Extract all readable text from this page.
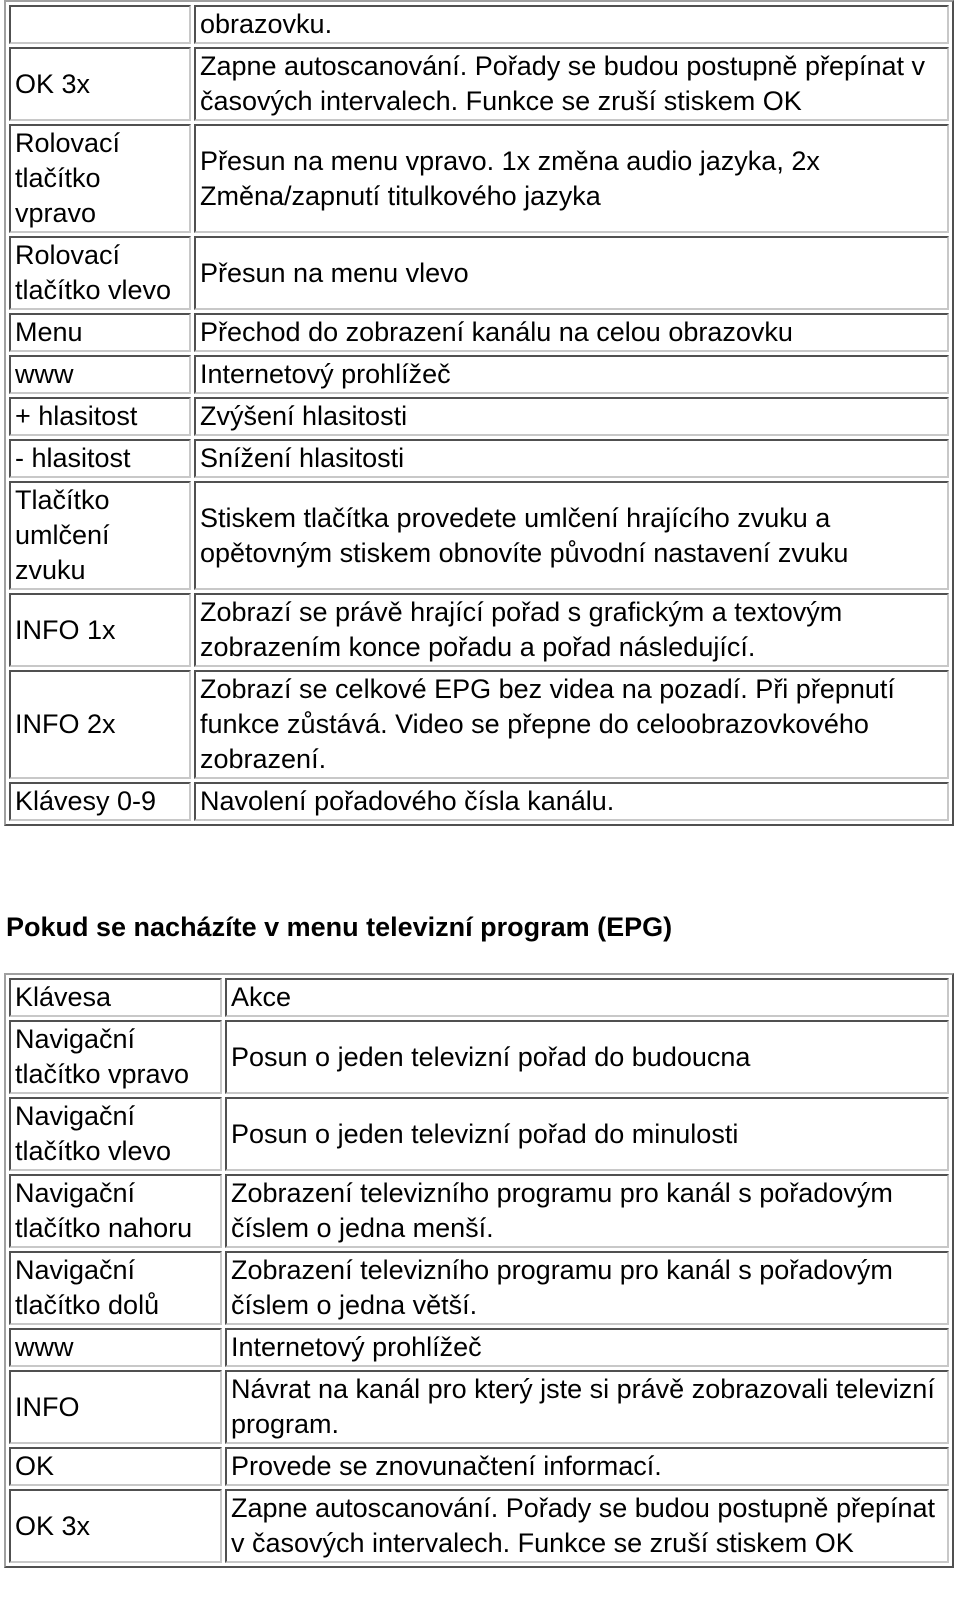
	obrazovku.
OK 3x	Zapne autoscanování. Pořady se budou postupně přepínat v časových intervalech. Funkce se zruší stiskem OK
Rolovací tlačítko vpravo	Přesun na menu vpravo. 1x změna audio jazyka, 2x Změna/zapnutí titulkového jazyka
Rolovací tlačítko vlevo	Přesun na menu vlevo
Menu	Přechod do zobrazení kanálu na celou obrazovku
www	Internetový prohlížeč
+ hlasitost	Zvýšení hlasitosti
- hlasitost	Snížení hlasitosti
Tlačítko umlčení zvuku	Stiskem tlačítka provedete umlčení hrajícího zvuku a opětovným stiskem obnovíte původní nastavení zvuku
INFO 1x	Zobrazí se právě hrající pořad s grafickým a textovým zobrazením konce pořadu a pořad následující.
INFO 2x	Zobrazí se celkové EPG bez videa na pozadí. Při přepnutí funkce zůstává. Video se přepne do celoobrazovkového zobrazení.
Klávesy 0-9	Navolení pořadového čísla kanálu.

Pokud se nacházíte v menu televizní program (EPG)

Klávesa	Akce
Navigační tlačítko vpravo	Posun o jeden televizní pořad do budoucna
Navigační tlačítko vlevo	Posun o jeden televizní pořad do minulosti
Navigační tlačítko nahoru	Zobrazení televizního programu pro kanál s pořadovým číslem o jedna menší.
Navigační tlačítko dolů	Zobrazení televizního programu pro kanál s pořadovým číslem o jedna větší.
www	Internetový prohlížeč
INFO	Návrat na kanál pro který jste si právě zobrazovali televizní program.
OK	Provede se znovunačtení informací.
OK 3x	Zapne autoscanování. Pořady se budou postupně přepínat v časových intervalech. Funkce se zruší stiskem OK
